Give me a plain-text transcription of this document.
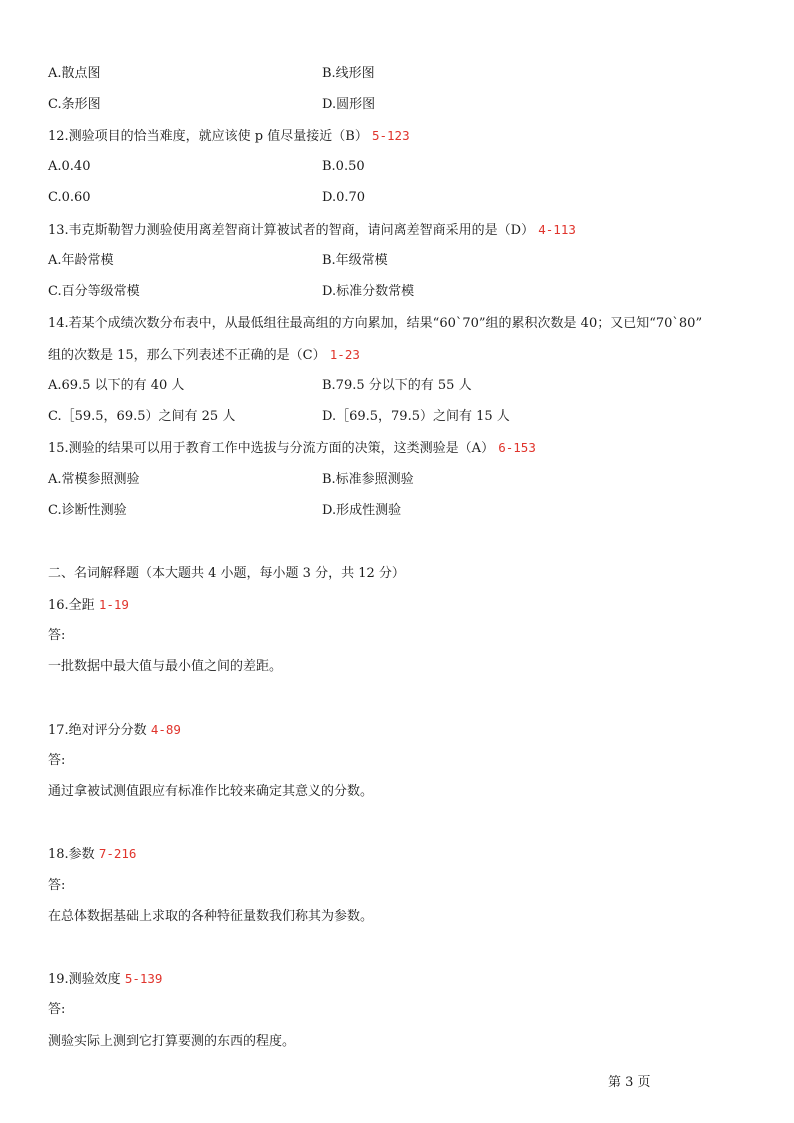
A.散点图	B.线形图
C.条形图	D.圆形图
12.测验项目的恰当难度，就应该使 p 值尽量接近（B） 5-123
A.0.40	B.0.50
C.0.60	D.0.70
13.韦克斯勒智力测验使用离差智商计算被试者的智商，请问离差智商采用的是（D） 4-113
A.年龄常模	B.年级常模
C.百分等级常模	D.标准分数常模
14.若某个成绩次数分布表中，从最低组往最高组的方向累加，结果“60`70”组的累积次数是 40；又已知“70`80”
组的次数是 15，那么下列表述不正确的是（C） 1-23
A.69.5 以下的有 40 人	B.79.5 分以下的有 55 人
C.［59.5，69.5）之间有 25 人	D.［69.5，79.5）之间有 15 人
15.测验的结果可以用于教育工作中选拔与分流方面的决策，这类测验是（A） 6-153
A.常模参照测验	B.标准参照测验
C.诊断性测验	D.形成性测验
二、名词解释题（本大题共 4 小题，每小题 3 分，共 12 分）
16.全距 1-19
答:
一批数据中最大值与最小值之间的差距。
17.绝对评分分数 4-89
答:
通过拿被试测值跟应有标准作比较来确定其意义的分数。
18.参数 7-216
答:
在总体数据基础上求取的各种特征量数我们称其为参数。
19.测验效度 5-139
答:
测验实际上测到它打算要测的东西的程度。
第 3 页
